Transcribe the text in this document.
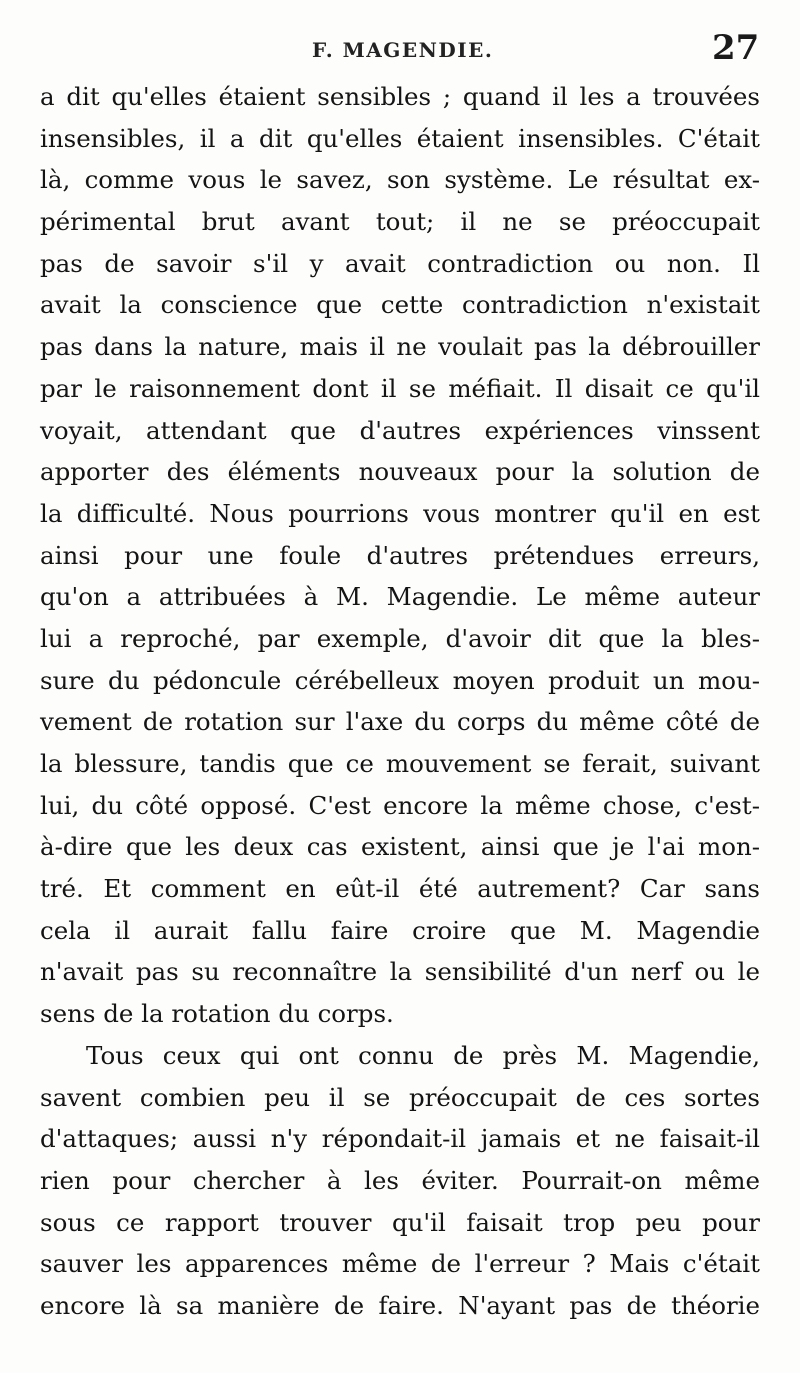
F. MAGENDIE.	27
a dit qu'elles étaient sensibles ; quand il les a trouvées
insensibles, il a dit qu'elles étaient insensibles. C'était
là, comme vous le savez, son système. Le résultat ex-
périmental brut avant tout; il ne se préoccupait
pas de savoir s'il y avait contradiction ou non. Il
avait la conscience que cette contradiction n'existait
pas dans la nature, mais il ne voulait pas la débrouiller
par le raisonnement dont il se méfiait. Il disait ce qu'il
voyait, attendant que d'autres expériences vinssent
apporter des éléments nouveaux pour la solution de
la difficulté. Nous pourrions vous montrer qu'il en est
ainsi pour une foule d'autres prétendues erreurs,
qu'on a attribuées à M. Magendie. Le même auteur
lui a reproché, par exemple, d'avoir dit que la bles-
sure du pédoncule cérébelleux moyen produit un mou-
vement de rotation sur l'axe du corps du même côté de
la blessure, tandis que ce mouvement se ferait, suivant
lui, du côté opposé. C'est encore la même chose, c'est-
à-dire que les deux cas existent, ainsi que je l'ai mon-
tré. Et comment en eût-il été autrement? Car sans
cela il aurait fallu faire croire que M. Magendie
n'avait pas su reconnaître la sensibilité d'un nerf ou le
sens de la rotation du corps.
Tous ceux qui ont connu de près M. Magendie,
savent combien peu il se préoccupait de ces sortes
d'attaques; aussi n'y répondait-il jamais et ne faisait-il
rien pour chercher à les éviter. Pourrait-on même
sous ce rapport trouver qu'il faisait trop peu pour
sauver les apparences même de l'erreur ? Mais c'était
encore là sa manière de faire. N'ayant pas de théorie
